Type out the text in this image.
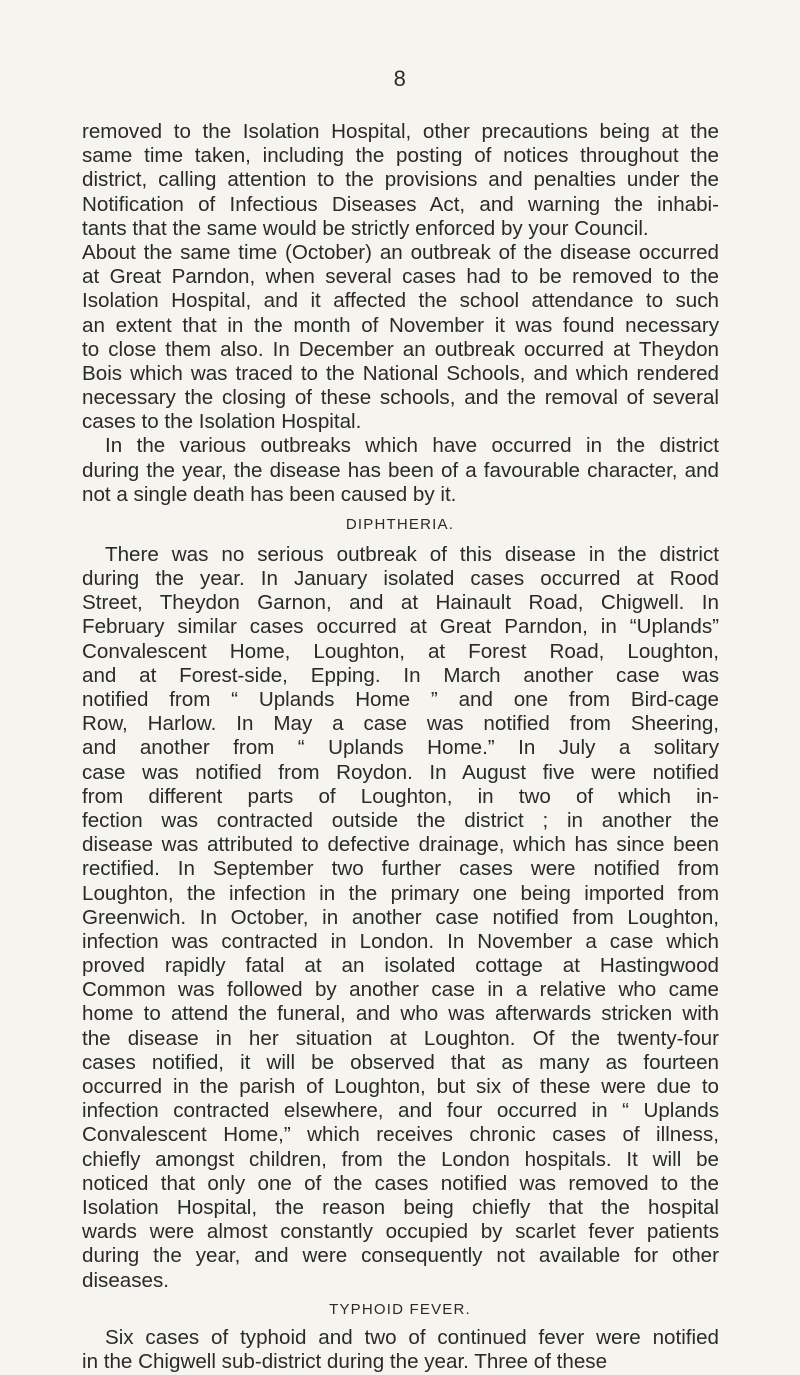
8
removed to the Isolation Hospital, other precautions being at the
same time taken, including the posting of notices throughout the
district, calling attention to the provisions and penalties under the
Notification of Infectious Diseases Act, and warning the inhabi-
tants that the same would be strictly enforced by your Council.
About the same time (October) an outbreak of the disease occurred
at Great Parndon, when several cases had to be removed to the
Isolation Hospital, and it affected the school attendance to such
an extent that in the month of November it was found necessary
to close them also. In December an outbreak occurred at Theydon
Bois which was traced to the National Schools, and which rendered
necessary the closing of these schools, and the removal of several
cases to the Isolation Hospital.
In the various outbreaks which have occurred in the district
during the year, the disease has been of a favourable character, and
not a single death has been caused by it.
DIPHTHERIA.
There was no serious outbreak of this disease in the district
during the year. In January isolated cases occurred at Rood
Street, Theydon Garnon, and at Hainault Road, Chigwell. In
February similar cases occurred at Great Parndon, in “Uplands”
Convalescent Home, Loughton, at Forest Road, Loughton,
and at Forest-side, Epping. In March another case was
notified from “ Uplands Home ” and one from Bird-cage
Row, Harlow. In May a case was notified from Sheering,
and another from “ Uplands Home.” In July a solitary
case was notified from Roydon. In August five were notified
from different parts of Loughton, in two of which in-
fection was contracted outside the district ; in another the
disease was attributed to defective drainage, which has since been
rectified. In September two further cases were notified from
Loughton, the infection in the primary one being imported from
Greenwich. In October, in another case notified from Loughton,
infection was contracted in London. In November a case which
proved rapidly fatal at an isolated cottage at Hastingwood
Common was followed by another case in a relative who came
home to attend the funeral, and who was afterwards stricken with
the disease in her situation at Loughton. Of the twenty-four
cases notified, it will be observed that as many as fourteen
occurred in the parish of Loughton, but six of these were due to
infection contracted elsewhere, and four occurred in “ Uplands
Convalescent Home,” which receives chronic cases of illness,
chiefly amongst children, from the London hospitals. It will be
noticed that only one of the cases notified was removed to the
Isolation Hospital, the reason being chiefly that the hospital
wards were almost constantly occupied by scarlet fever patients
during the year, and were consequently not available for other
diseases.
TYPHOID FEVER.
Six cases of typhoid and two of continued fever were notified
in the Chigwell sub-district during the year. Three of these
